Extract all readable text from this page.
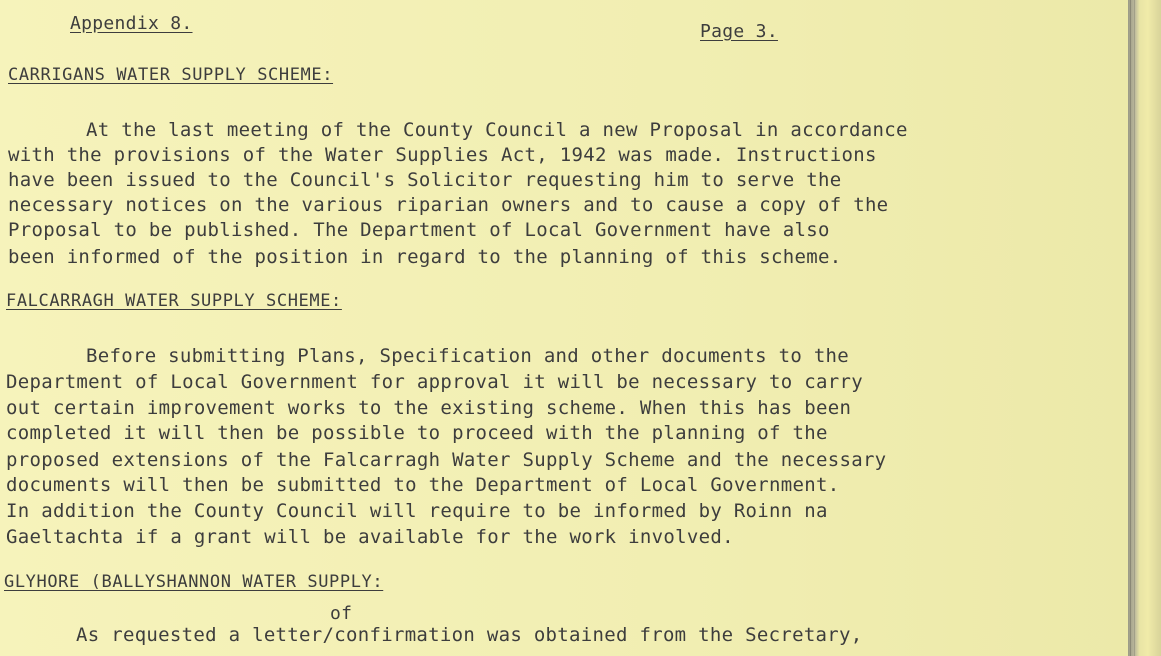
Appendix 8.	Page 3.
CARRIGANS WATER SUPPLY SCHEME:
At the last meeting of the County Council a new Proposal in accordance
with the provisions of the Water Supplies Act, 1942 was made. Instructions
have been issued to the Council's Solicitor requesting him to serve the
necessary notices on the various riparian owners and to cause a copy of the
Proposal to be published. The Department of Local Government have also
been informed of the position in regard to the planning of this scheme.
FALCARRAGH WATER SUPPLY SCHEME:
Before submitting Plans, Specification and other documents to the
Department of Local Government for approval it will be necessary to carry
out certain improvement works to the existing scheme. When this has been
completed it will then be possible to proceed with the planning of the
proposed extensions of the Falcarragh Water Supply Scheme and the necessary
documents will then be submitted to the Department of Local Government.
In addition the County Council will require to be informed by Roinn na
Gaeltachta if a grant will be available for the work involved.
GLYHORE (BALLYSHANNON WATER SUPPLY:
of
As requested a letter/confirmation was obtained from the Secretary,
